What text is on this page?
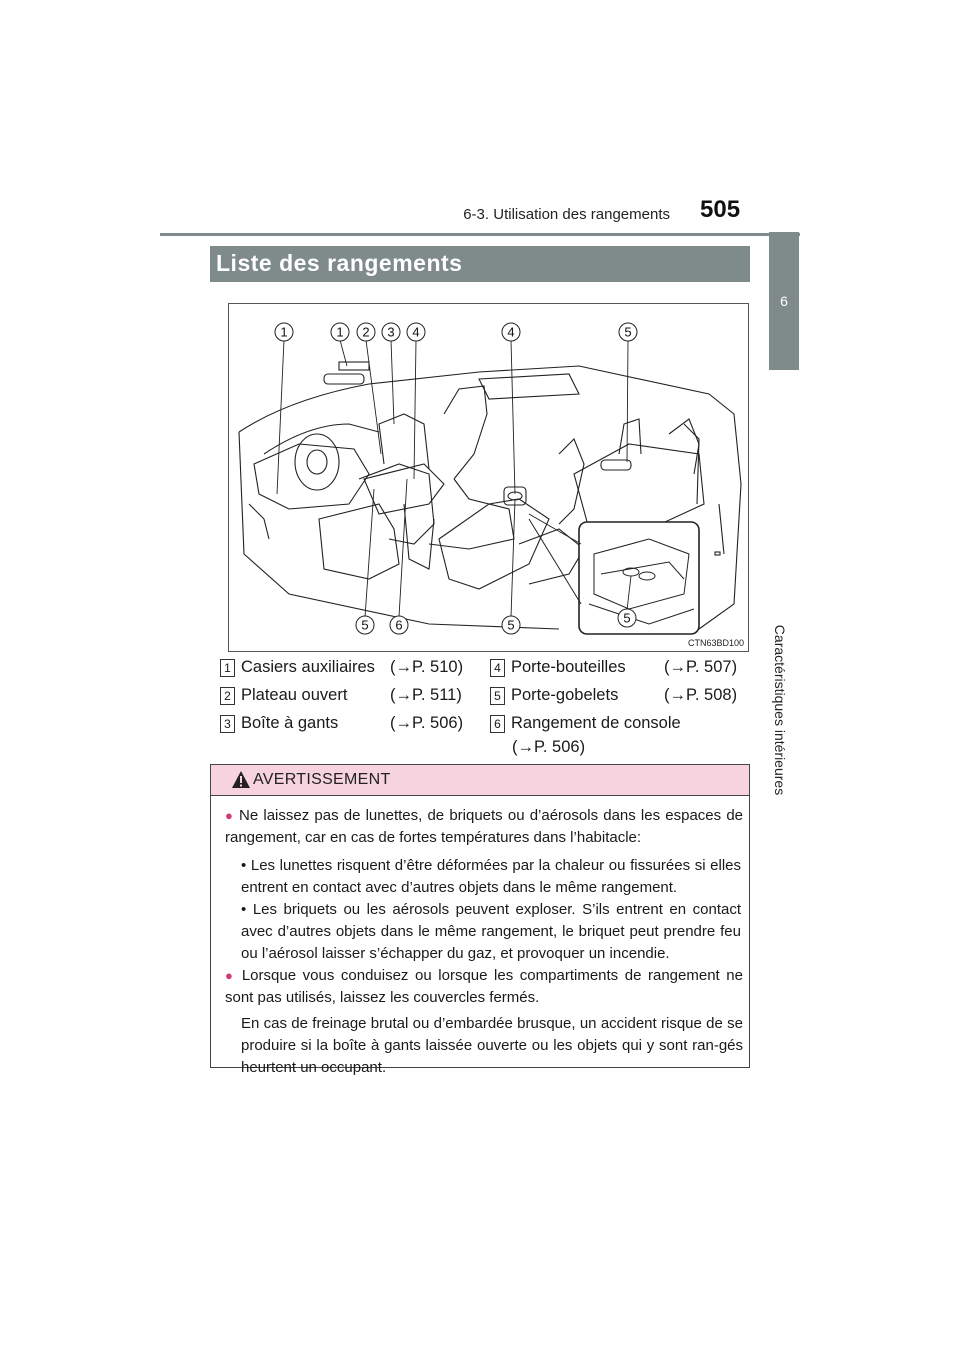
6-3. Utilisation des rangements 505
6
Caractéristiques intérieures
Liste des rangements
1	1 2 3 4	4	5
5 6	5	5
CTN63BD100
1 Casiers auxiliaires (→P. 510)
2 Plateau ouvert	(→P. 511)
3 Boîte à gants	(→P. 506)
4 Porte-bouteilles (→P. 507)
5 Porte-gobelets	(→P. 508)
6 Rangement de console
(→P. 506)
AVERTISSEMENT
● Ne laissez pas de lunettes, de briquets ou d’aérosols dans les espaces de rangement, car en cas de fortes températures dans l’habitacle:
• Les lunettes risquent d’être déformées par la chaleur ou fissurées si elles entrent en contact avec d’autres objets dans le même rangement.
• Les briquets ou les aérosols peuvent exploser. S’ils entrent en contact avec d’autres objets dans le même rangement, le briquet peut prendre feu ou l’aérosol laisser s’échapper du gaz, et provoquer un incendie.
● Lorsque vous conduisez ou lorsque les compartiments de rangement ne sont pas utilisés, laissez les couvercles fermés.
En cas de freinage brutal ou d’embardée brusque, un accident risque de se produire si la boîte à gants laissée ouverte ou les objets qui y sont ran-gés heurtent un occupant.
